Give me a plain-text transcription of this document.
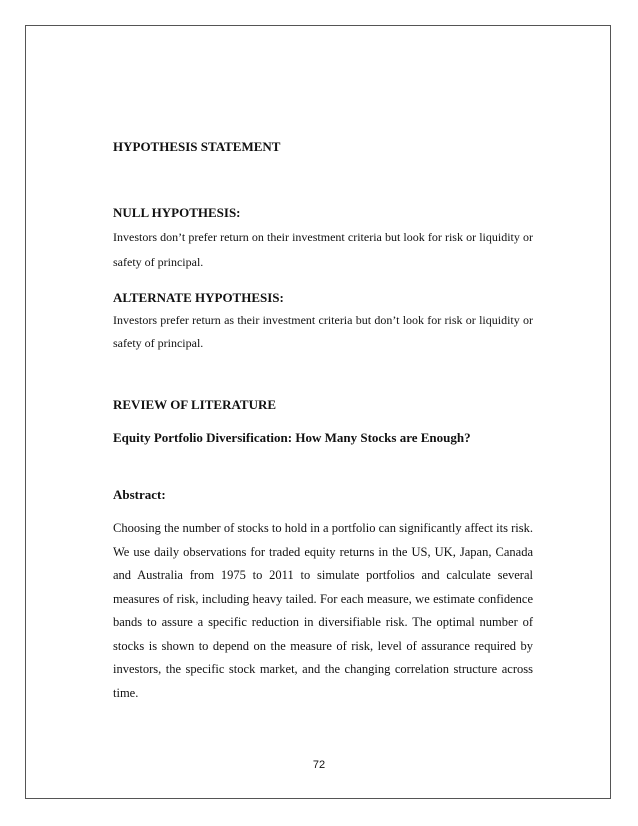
HYPOTHESIS STATEMENT
NULL HYPOTHESIS:

Investors don’t prefer return on their investment criteria but look for risk or liquidity or safety of principal.

ALTERNATE HYPOTHESIS:

Investors prefer return as their investment criteria but don’t look for risk or liquidity or safety of principal.

REVIEW OF LITERATURE
Equity Portfolio Diversification: How Many Stocks are Enough?
Abstract:

Choosing the number of stocks to hold in a portfolio can significantly affect its risk. We use daily observations for traded equity returns in the US, UK, Japan, Canada and Australia from 1975 to 2011 to simulate portfolios and calculate several measures of risk, including heavy tailed. For each measure, we estimate confidence bands to assure a specific reduction in diversifiable risk. The optimal number of stocks is shown to depend on the measure of risk, level of assurance required by investors, the specific stock market, and the changing correlation structure across time.

72
